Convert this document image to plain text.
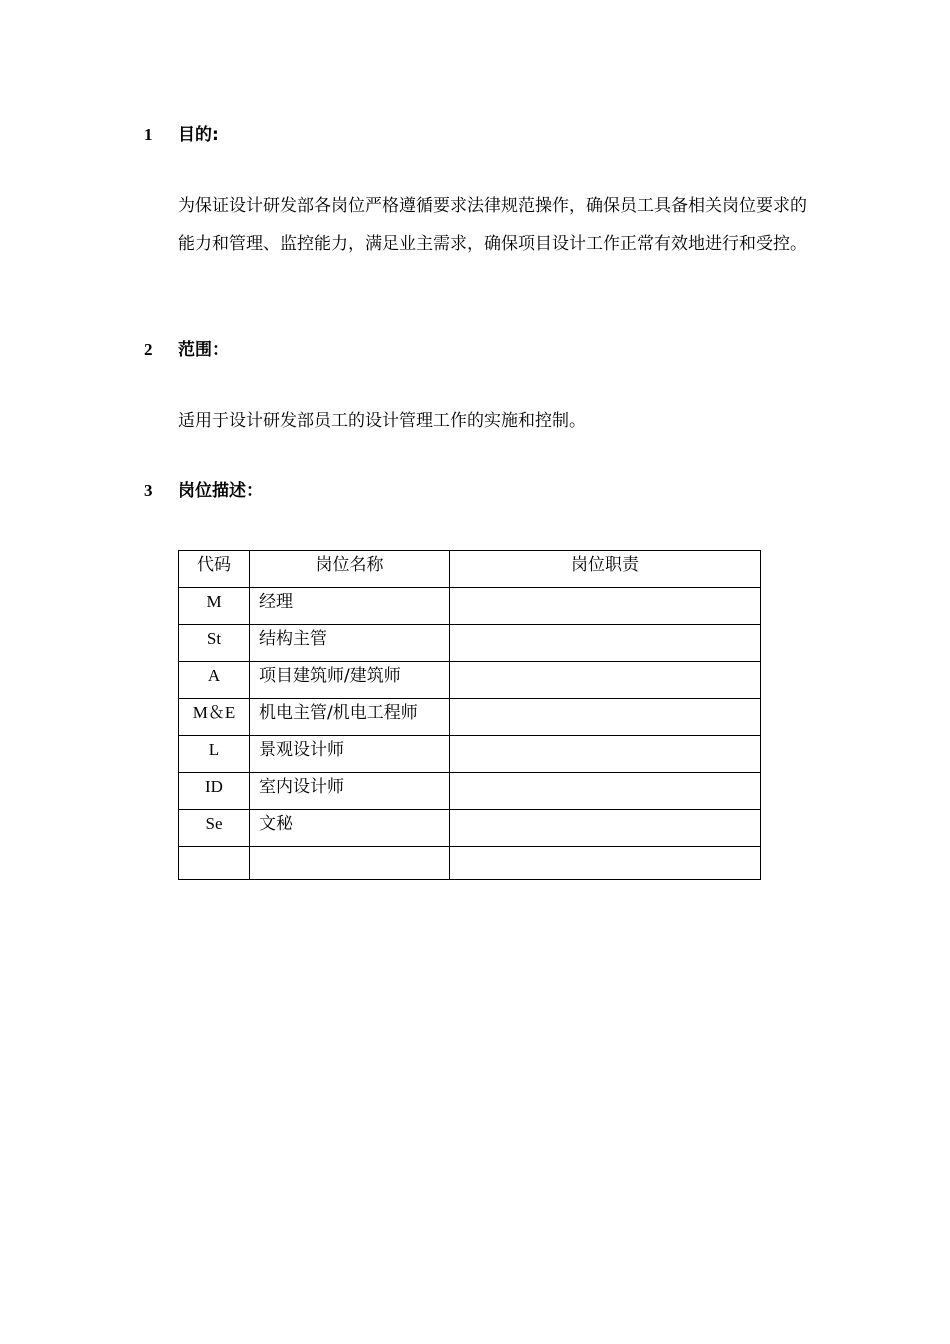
1 目的:
为保证设计研发部各岗位严格遵循要求法律规范操作，确保员工具备相关岗位要求的能力和管理、监控能力，满足业主需求，确保项目设计工作正常有效地进行和受控。
2 范围：
适用于设计研发部员工的设计管理工作的实施和控制。
3 岗位描述：
代码	岗位名称	岗位职责
M	经理	
St	结构主管	
A	项目建筑师/建筑师	
M＆E	机电主管/机电工程师	
L	景观设计师	
ID	室内设计师	
Se	文秘	
